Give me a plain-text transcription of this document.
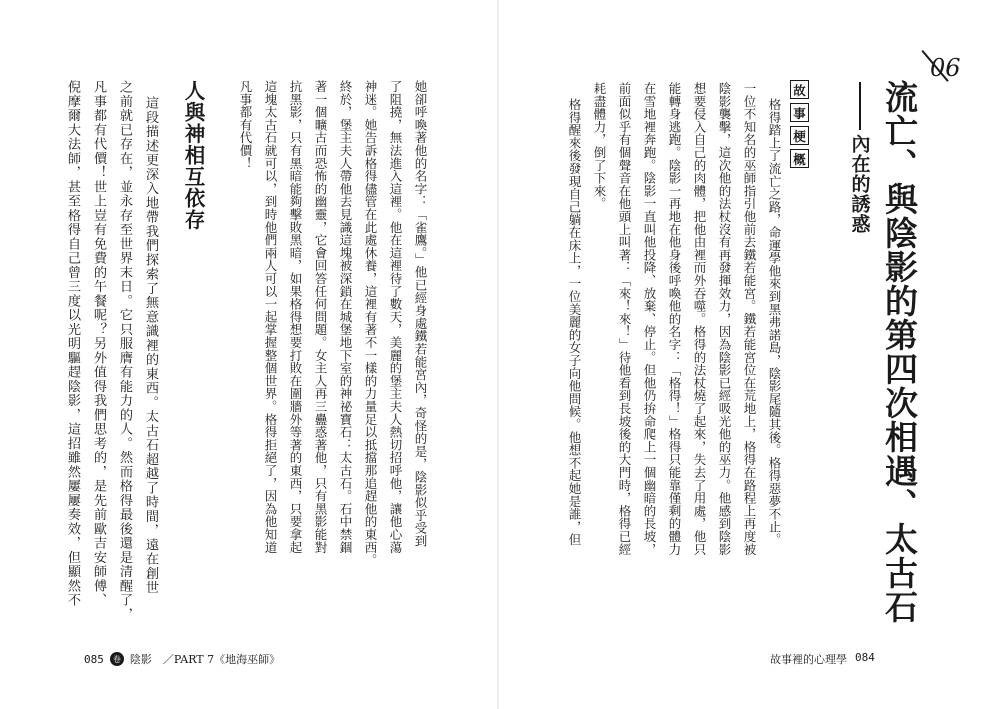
她卻呼喚著他的名字：「雀鷹。」他已經身處鐵若能宮內，奇怪的是，陰影似乎受到
了阻撓，無法進入這裡。他在這裡待了數天，美麗的堡主夫人熱切招呼他，讓他心蕩
神迷。她告訴格得儘管在此處休養，這裡有著不一樣的力量足以抵擋那追趕他的東西。
終於，堡主夫人帶他去見識這塊被深鎖在城堡地下室的神祕寶石：太古石。石中禁錮
著一個曠古而恐怖的幽靈，它會回答任何問題。女主人再三蠱惑著他，只有黑影能對
抗黑影，只有黑暗能夠擊敗黑暗，如果格得想要打敗在圍牆外等著的東西，只要拿起
這塊太古石就可以，到時他們兩人可以一起掌握整個世界。格得拒絕了，因為他知道
凡事都有代價！
人與神相互依存
這段描述更深入地帶我們探索了無意識裡的東西。太古石超越了時間，遠在創世
之前就已存在，並永存至世界末日。它只服膺有能力的人。然而格得最後還是清醒了，
凡事都有代價！世上豈有免費的午餐呢？另外值得我們思考的，是先前歐吉安師傅、
倪摩爾大法師，甚至格得自己曾三度以光明驅趕陰影，這招雖然屢屢奏效，但顯然不
085	卷 陰影　／PART 7《地海巫師》
06
流亡、與陰影的第四次相遇、太古石
內在的誘惑
故
事
梗
概
格得踏上了流亡之路，命運學他來到黑弗諾島，陰影尾隨其後。格得惡夢不止。
一位不知名的巫師指引他前去鐵若能宮。鐵若能宮位在荒地上，格得在路程上再度被
陰影襲擊，這次他的法杖沒有再發揮效力，因為陰影已經吸光他的巫力。他感到陰影
想要侵入自己的肉體，把他由裡而外吞噬。格得的法杖燒了起來，失去了用處，他只
能轉身逃跑。陰影一再地在他身後呼喚他的名字：「格得！」格得只能靠僅剩的體力
在雪地裡奔跑。陰影一直叫他投降、放棄、停止。但他仍拚命爬上一個幽暗的長坡，
前面似乎有個聲音在他頭上叫著：「來！來！」待他看到長坡後的大門時，格得已經
耗盡體力，倒了下來。
格得醒來後發現自己躺在床上，一位美麗的女子向他問候。他想不起她是誰，但
故事裡的心理學 084
